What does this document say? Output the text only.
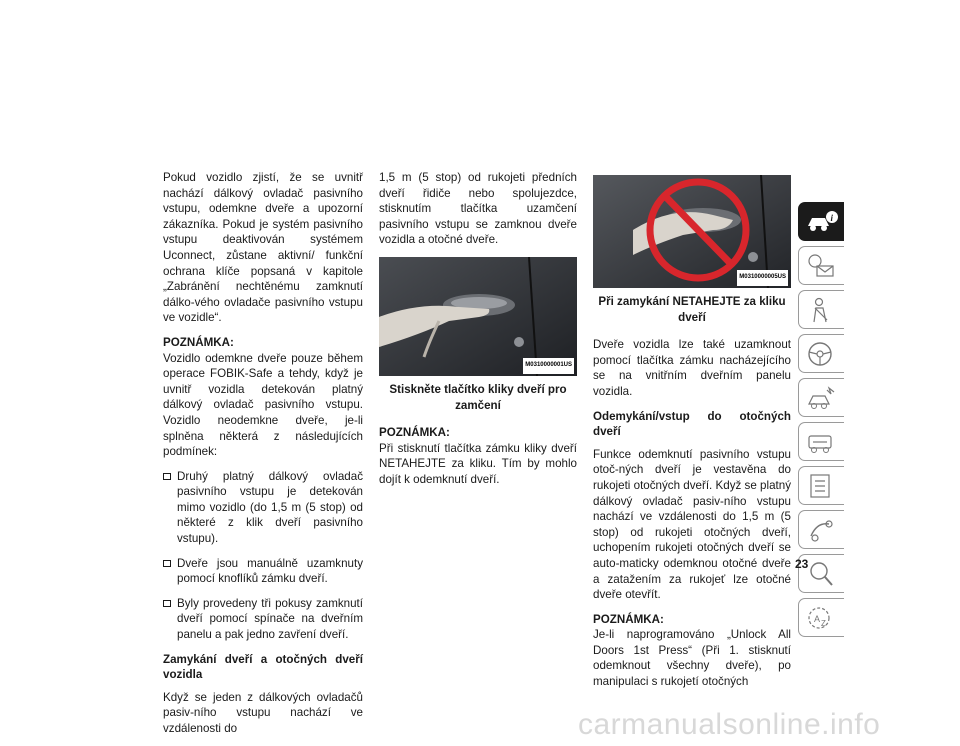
Pokud vozidlo zjistí, že se uvnitř nachází dálkový ovladač pasivního vstupu, odemkne dveře a upozorní zákazníka. Pokud je systém pasivního vstupu deaktivován systémem Uconnect, zůstane aktivní/ funkční ochrana klíče popsaná v kapitole „Zabránění nechtěnému zamknutí dálko-vého ovladače pasivního vstupu ve vozidle“.

POZNÁMKA:

Vozidlo odemkne dveře pouze během operace FOBIK-Safe a tehdy, když je uvnitř vozidla detekován platný dálkový ovladač pasivního vstupu. Vozidlo neodemkne dveře, je-li splněna některá z následujících podmínek:

Druhý platný dálkový ovladač pasivního vstupu je detekován mimo vozidlo (do 1,5 m (5 stop) od některé z klik dveří pasivního vstupu).
Dveře jsou manuálně uzamknuty pomocí knoflíků zámku dveří.
Byly provedeny tři pokusy zamknutí dveří pomocí spínače na dveřním panelu a pak jedno zavření dveří.

Zamykání dveří a otočných dveří vozidla

Když se jeden z dálkových ovladačů pasiv-ního vstupu nachází ve vzdálenosti do

1,5 m (5 stop) od rukojeti předních dveří řidiče nebo spolujezdce, stisknutím tlačítka uzamčení pasivního vstupu se zamknou dveře vozidla a otočné dveře.

M0310000001US

Stiskněte tlačítko kliky dveří pro zamčení

POZNÁMKA:

Při stisknutí tlačítka zámku kliky dveří NETAHEJTE za kliku. Tím by mohlo dojít k odemknutí dveří.

M0310000005US

Při zamykání NETAHEJTE za kliku dveří

Dveře vozidla lze také uzamknout pomocí tlačítka zámku nacházejícího se na vnitřním dveřním panelu vozidla.

Odemykání/vstup do otočných dveří

Funkce odemknutí pasivního vstupu otoč-ných dveří je vestavěna do rukojeti otočných dveří. Když se platný dálkový ovladač pasiv-ního vstupu nachází ve vzdálenosti do 1,5 m (5 stop) od rukojeti otočných dveří, uchopením rukojeti otočných dveří se auto-maticky odemknou otočné dveře a zatažením za rukojeť lze otočné dveře otevřít.

POZNÁMKA:

Je-li naprogramováno „Unlock All Doors 1st Press“ (Při 1. stisknutí odemknout všechny dveře), po manipulaci s rukojetí otočných

i
A Z
23
carmanualsonline.info
